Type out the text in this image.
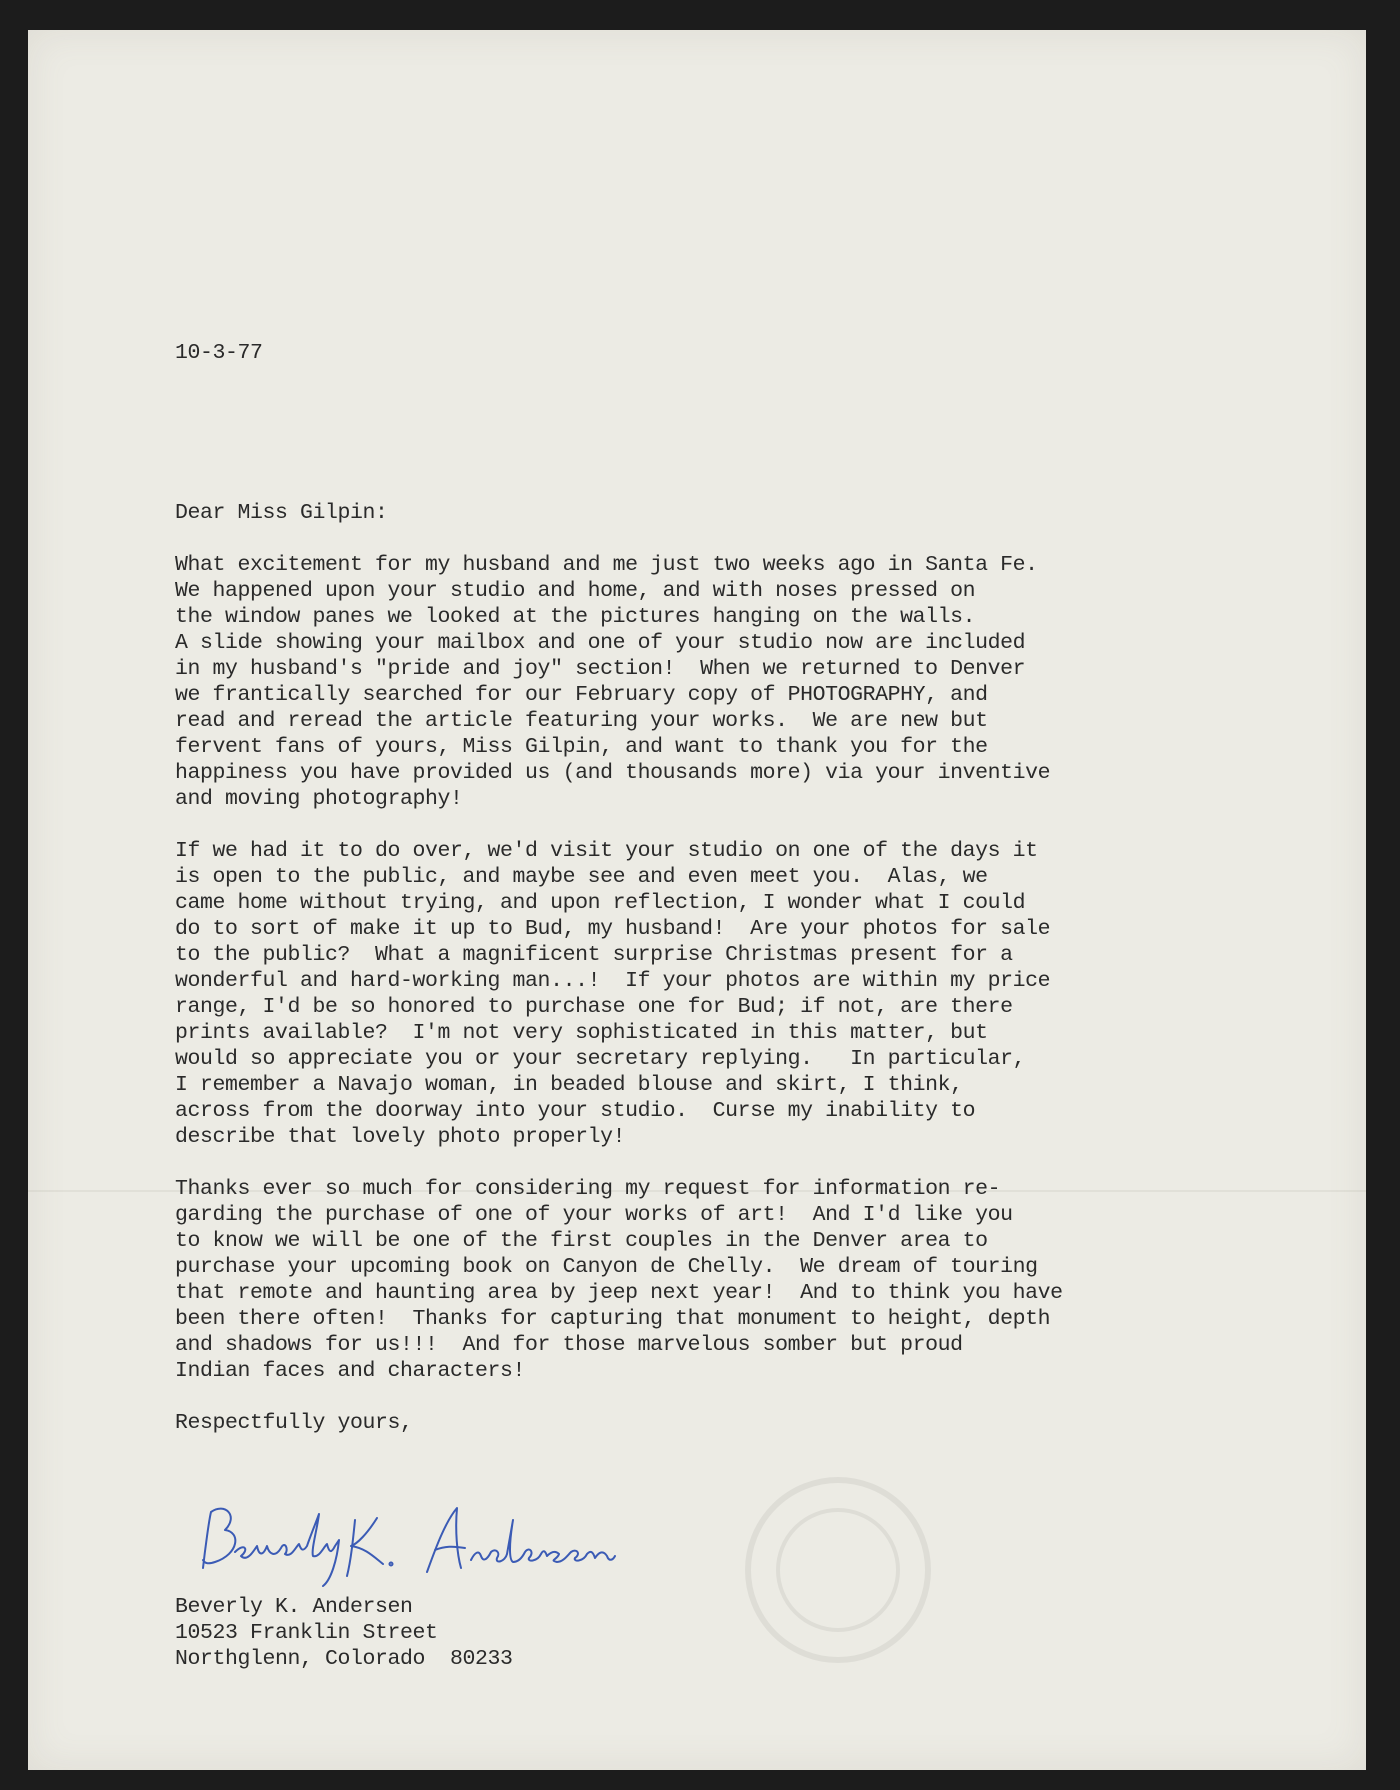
10-3-77
Dear Miss Gilpin:
What excitement for my husband and me just two weeks ago in Santa Fe.
We happened upon your studio and home, and with noses pressed on
the window panes we looked at the pictures hanging on the walls.
A slide showing your mailbox and one of your studio now are included
in my husband's "pride and joy" section!  When we returned to Denver
we frantically searched for our February copy of PHOTOGRAPHY, and
read and reread the article featuring your works.  We are new but
fervent fans of yours, Miss Gilpin, and want to thank you for the
happiness you have provided us (and thousands more) via your inventive
and moving photography!
If we had it to do over, we'd visit your studio on one of the days it
is open to the public, and maybe see and even meet you.  Alas, we
came home without trying, and upon reflection, I wonder what I could
do to sort of make it up to Bud, my husband!  Are your photos for sale
to the public?  What a magnificent surprise Christmas present for a
wonderful and hard-working man...!  If your photos are within my price
range, I'd be so honored to purchase one for Bud; if not, are there
prints available?  I'm not very sophisticated in this matter, but
would so appreciate you or your secretary replying.   In particular,
I remember a Navajo woman, in beaded blouse and skirt, I think,
across from the doorway into your studio.  Curse my inability to
describe that lovely photo properly!
Thanks ever so much for considering my request for information re-
garding the purchase of one of your works of art!  And I'd like you
to know we will be one of the first couples in the Denver area to
purchase your upcoming book on Canyon de Chelly.  We dream of touring
that remote and haunting area by jeep next year!  And to think you have
been there often!  Thanks for capturing that monument to height, depth
and shadows for us!!!  And for those marvelous somber but proud
Indian faces and characters!
Respectfully yours,
Beverly K. Andersen
10523 Franklin Street
Northglenn, Colorado  80233
